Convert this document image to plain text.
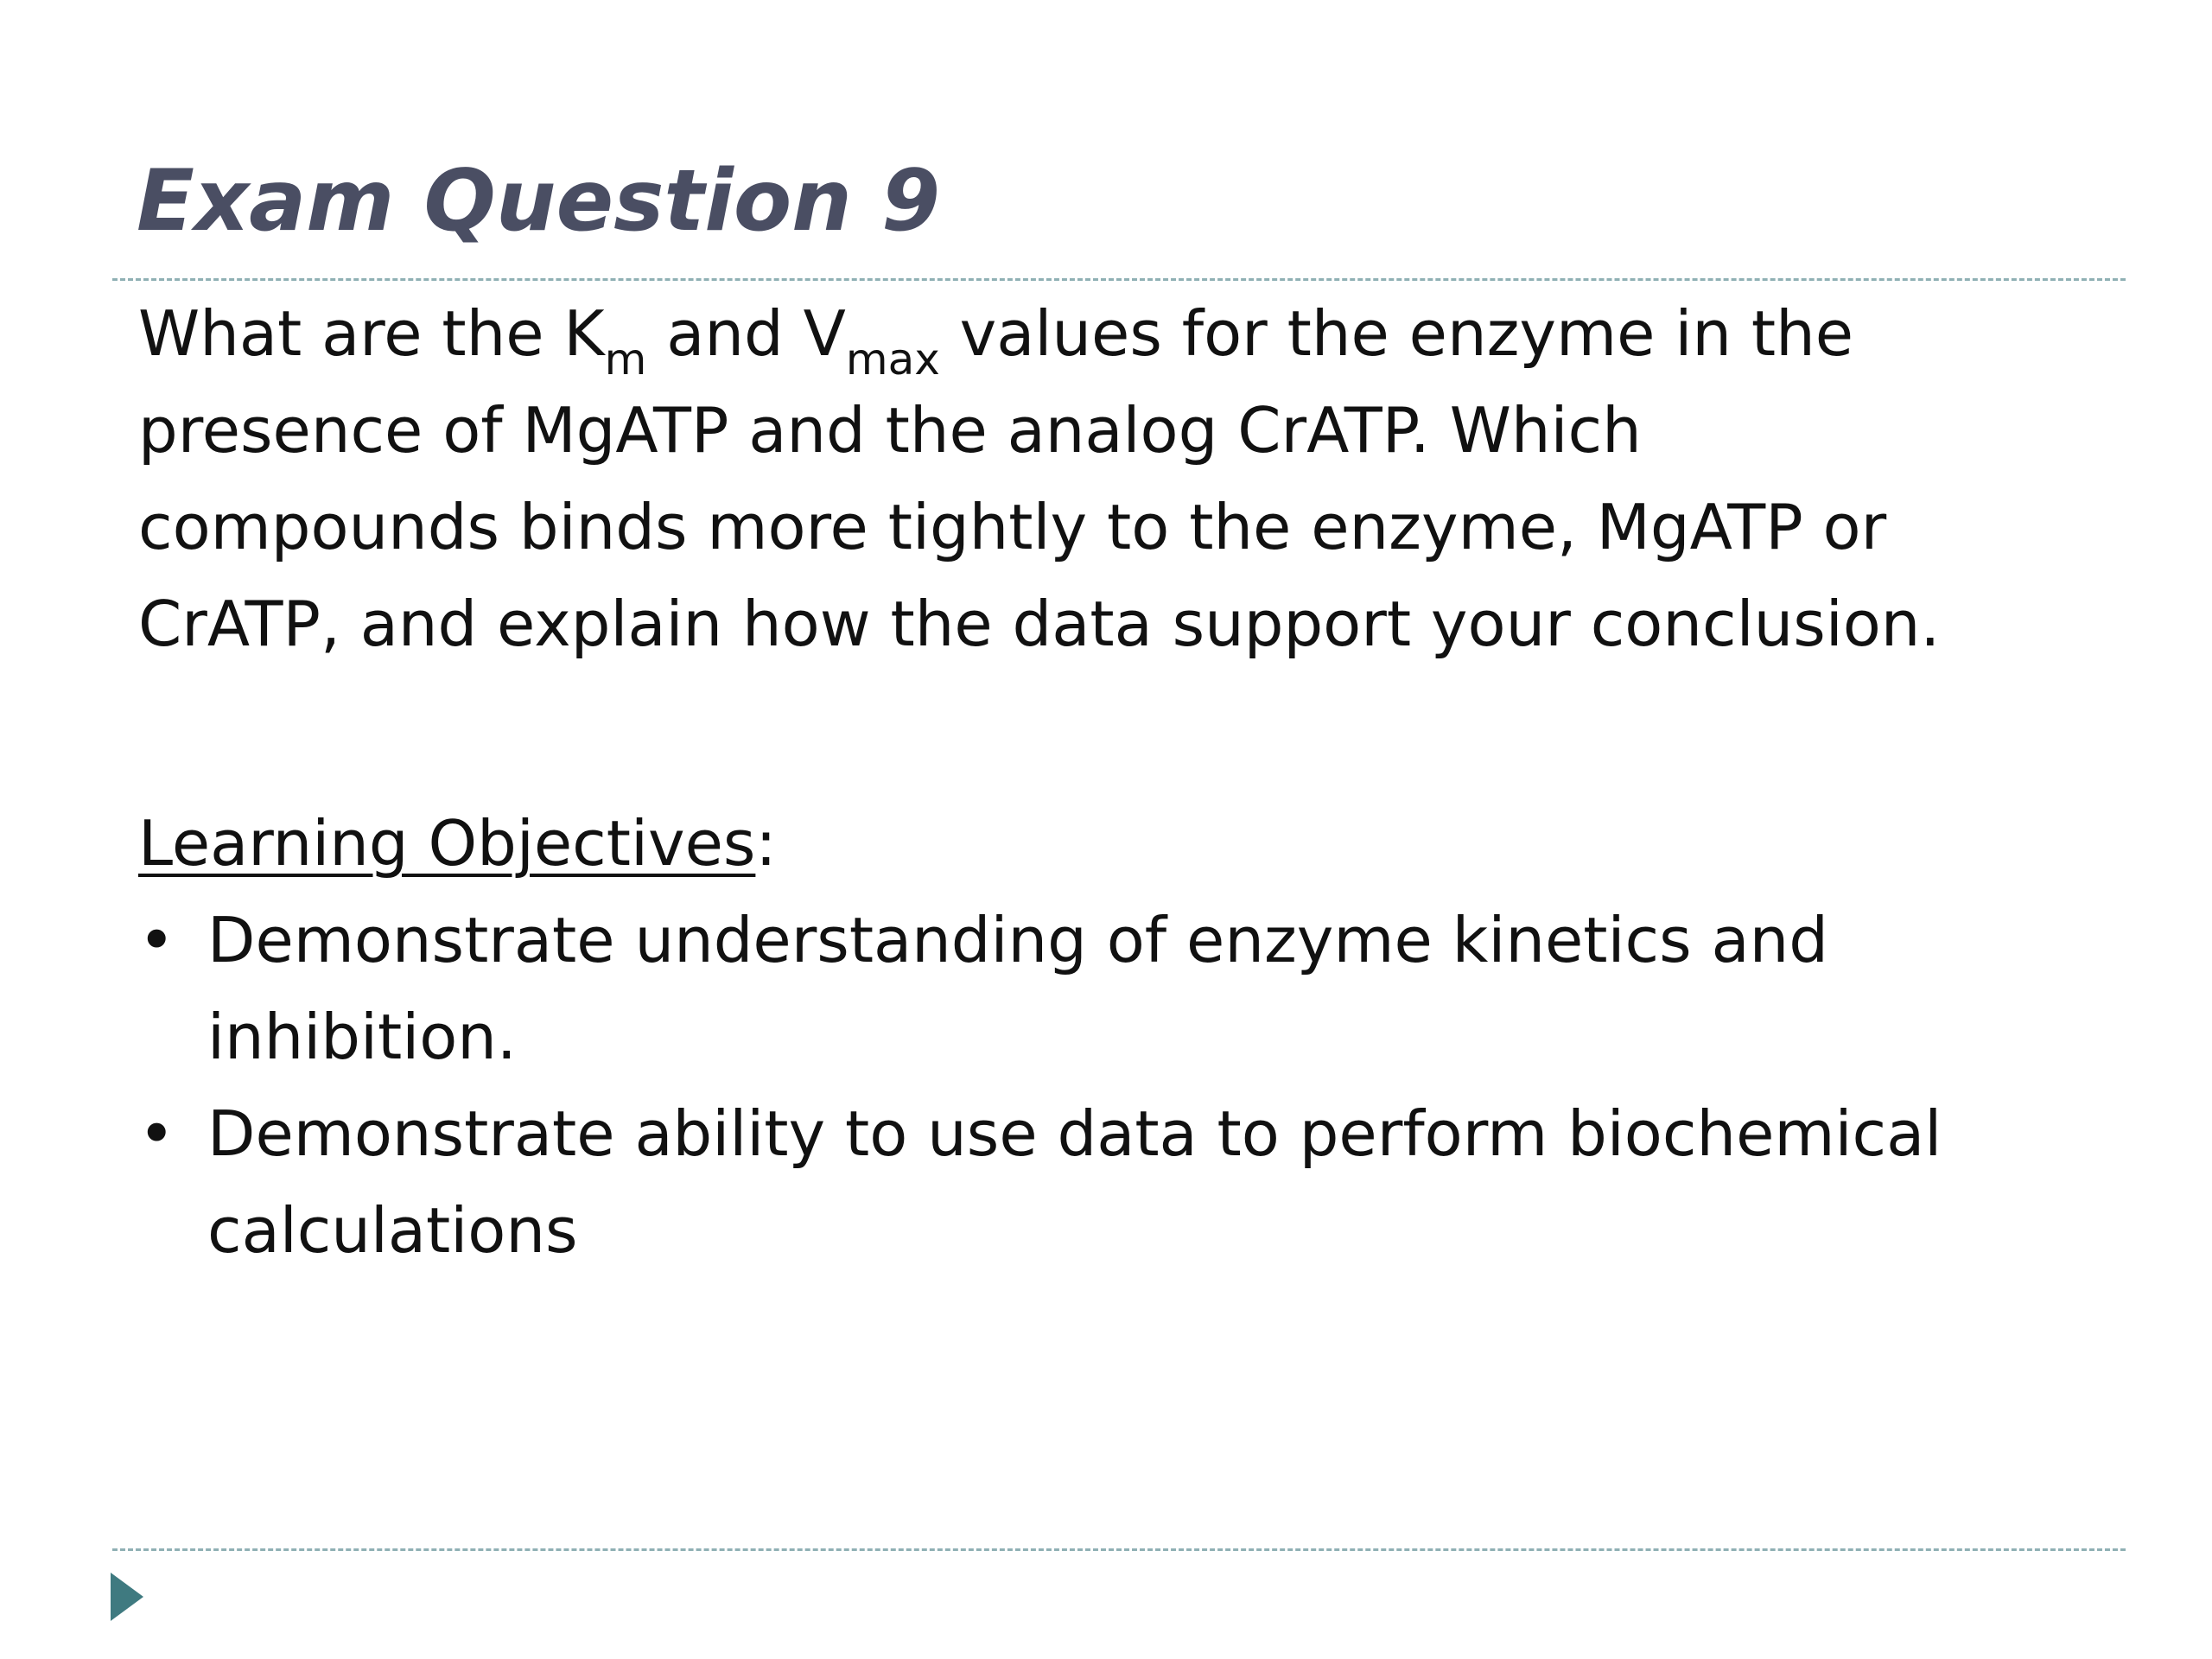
Exam Question 9

What are the $K_m$ and $V_{max}$ values for the enzyme in the

presence of MgATP and the analog CrATP. Which

compounds binds more tightly to the enzyme, MgATP or

CrATP, and explain how the data support your conclusion.

Learning Objectives:

• Demonstrate understanding of enzyme kinetics and
inhibition.
• Demonstrate ability to use data to perform biochemical
calculations
